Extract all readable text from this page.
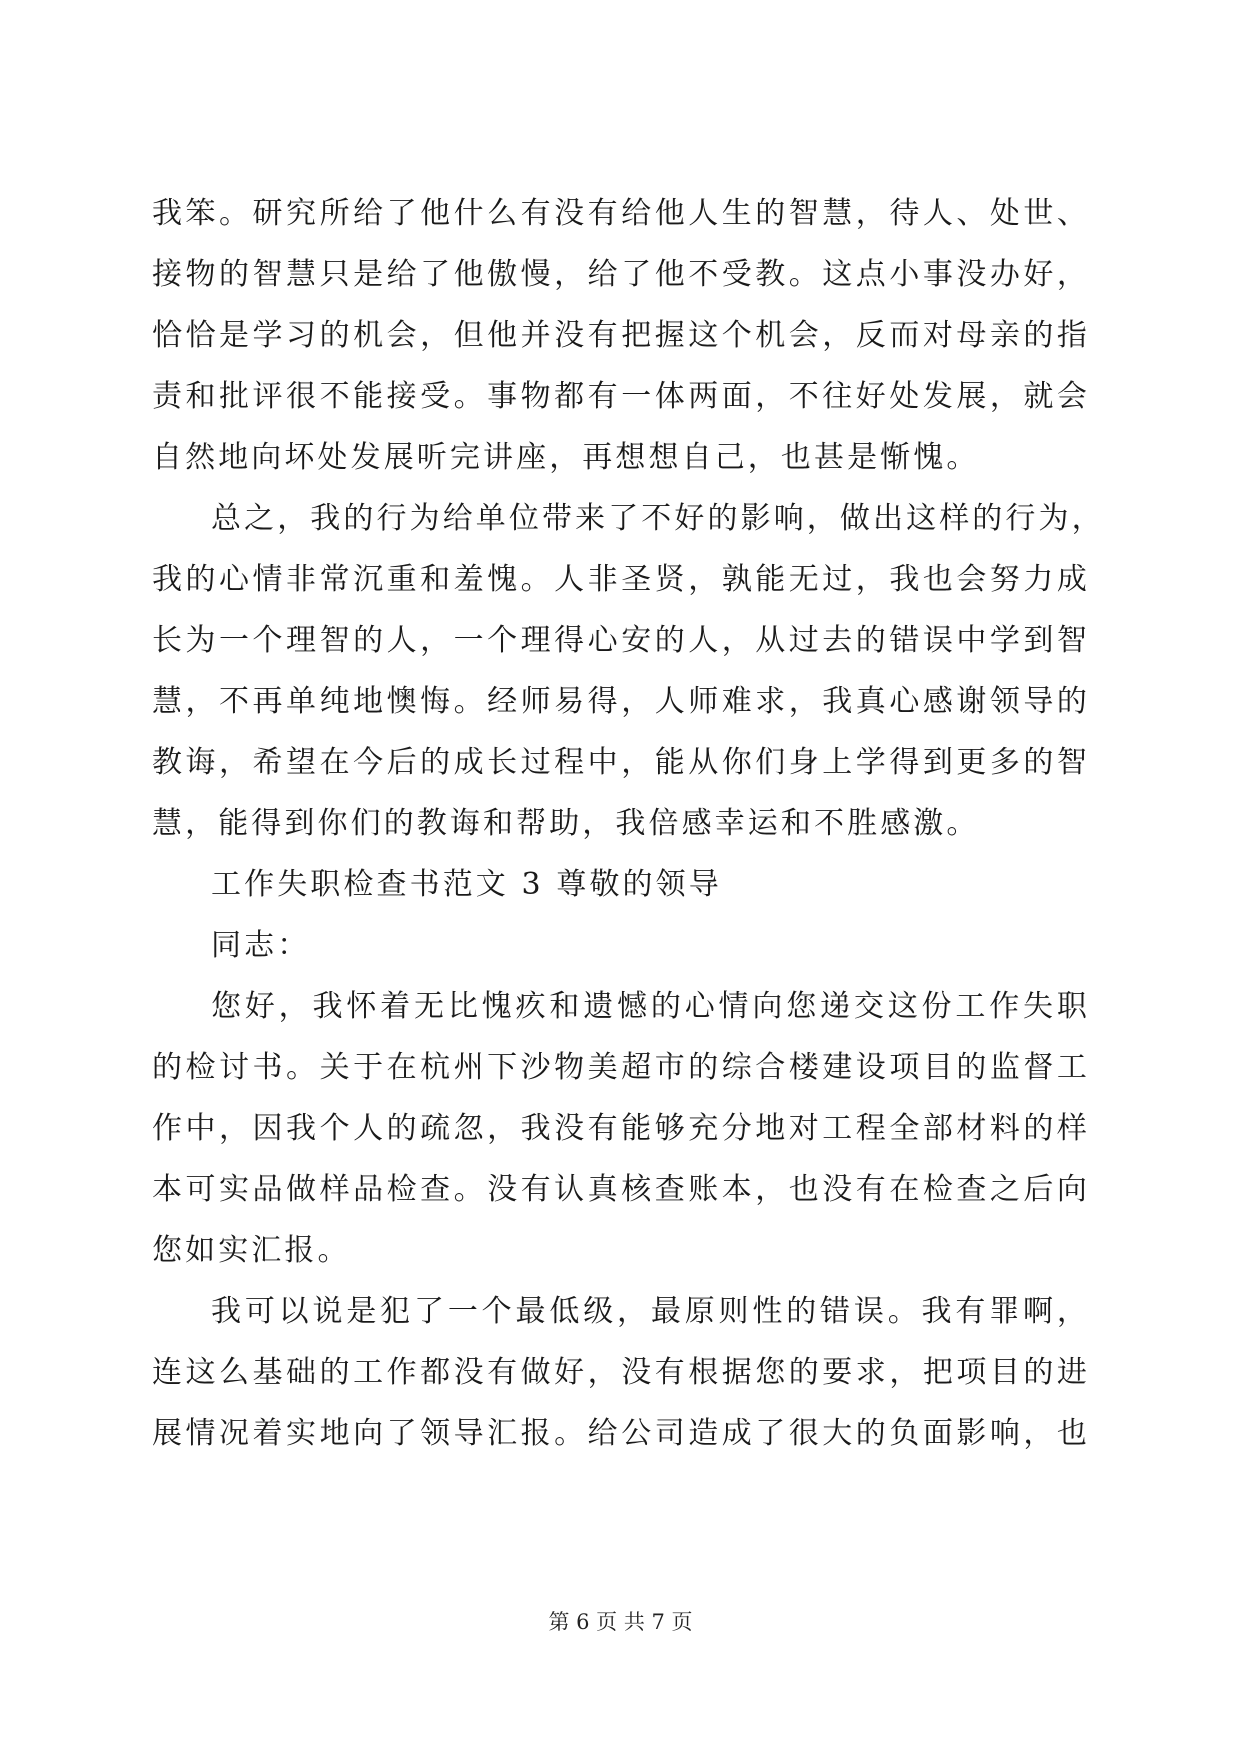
我笨。研究所给了他什么有没有给他人生的智慧，待人、处世、
接物的智慧只是给了他傲慢，给了他不受教。这点小事没办好，
恰恰是学习的机会，但他并没有把握这个机会，反而对母亲的指
责和批评很不能接受。事物都有一体两面，不往好处发展，就会
自然地向坏处发展听完讲座，再想想自己，也甚是惭愧。
总之，我的行为给单位带来了不好的影响，做出这样的行为，
我的心情非常沉重和羞愧。人非圣贤，孰能无过，我也会努力成
长为一个理智的人，一个理得心安的人，从过去的错误中学到智
慧，不再单纯地懊悔。经师易得，人师难求，我真心感谢领导的
教诲，希望在今后的成长过程中，能从你们身上学得到更多的智
慧，能得到你们的教诲和帮助，我倍感幸运和不胜感激。
工作失职检查书范文 3 尊敬的领导
同志：
您好，我怀着无比愧疚和遗憾的心情向您递交这份工作失职
的检讨书。关于在杭州下沙物美超市的综合楼建设项目的监督工
作中，因我个人的疏忽，我没有能够充分地对工程全部材料的样
本可实品做样品检查。没有认真核查账本，也没有在检查之后向
您如实汇报。
我可以说是犯了一个最低级，最原则性的错误。我有罪啊，
连这么基础的工作都没有做好，没有根据您的要求，把项目的进
展情况着实地向了领导汇报。给公司造成了很大的负面影响，也
第 6 页 共 7 页
